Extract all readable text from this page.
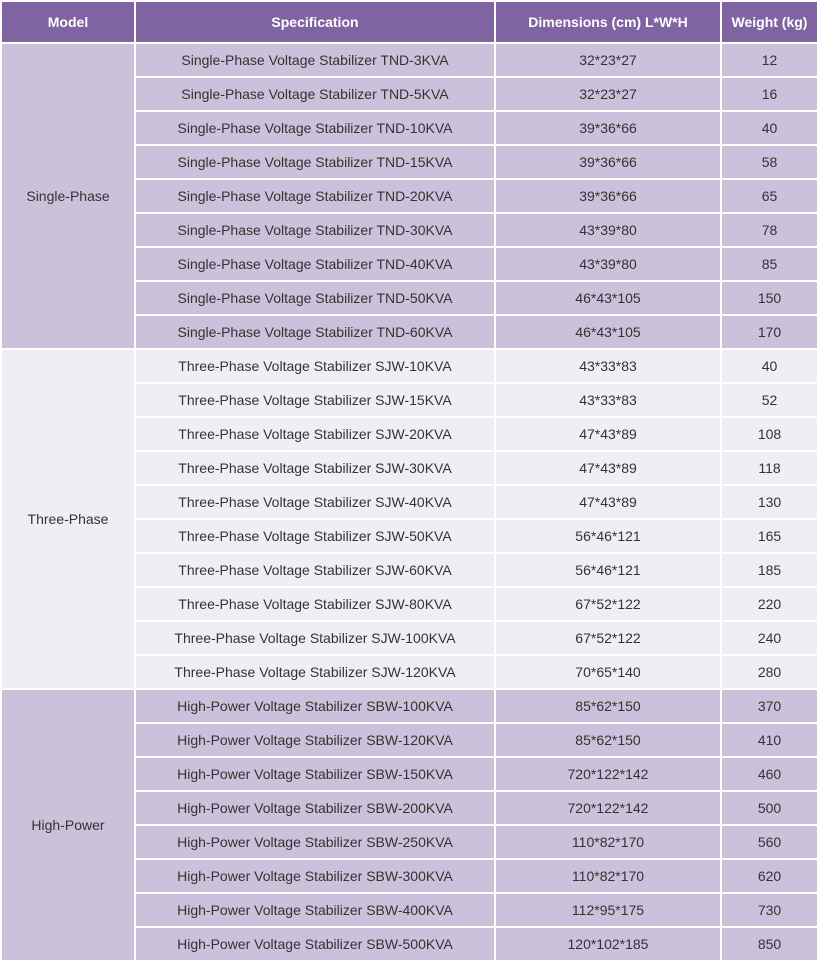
Model	Specification	Dimensions (cm) L*W*H	Weight (kg)
Single-Phase	Single-Phase Voltage Stabilizer TND-3KVA	32*23*27	12
	Single-Phase Voltage Stabilizer TND-5KVA	32*23*27	16
	Single-Phase Voltage Stabilizer TND-10KVA	39*36*66	40
	Single-Phase Voltage Stabilizer TND-15KVA	39*36*66	58
	Single-Phase Voltage Stabilizer TND-20KVA	39*36*66	65
	Single-Phase Voltage Stabilizer TND-30KVA	43*39*80	78
	Single-Phase Voltage Stabilizer TND-40KVA	43*39*80	85
	Single-Phase Voltage Stabilizer TND-50KVA	46*43*105	150
	Single-Phase Voltage Stabilizer TND-60KVA	46*43*105	170
Three-Phase	Three-Phase Voltage Stabilizer SJW-10KVA	43*33*83	40
	Three-Phase Voltage Stabilizer SJW-15KVA	43*33*83	52
	Three-Phase Voltage Stabilizer SJW-20KVA	47*43*89	108
	Three-Phase Voltage Stabilizer SJW-30KVA	47*43*89	118
	Three-Phase Voltage Stabilizer SJW-40KVA	47*43*89	130
	Three-Phase Voltage Stabilizer SJW-50KVA	56*46*121	165
	Three-Phase Voltage Stabilizer SJW-60KVA	56*46*121	185
	Three-Phase Voltage Stabilizer SJW-80KVA	67*52*122	220
	Three-Phase Voltage Stabilizer SJW-100KVA	67*52*122	240
	Three-Phase Voltage Stabilizer SJW-120KVA	70*65*140	280
High-Power	High-Power Voltage Stabilizer SBW-100KVA	85*62*150	370
	High-Power Voltage Stabilizer SBW-120KVA	85*62*150	410
	High-Power Voltage Stabilizer SBW-150KVA	720*122*142	460
	High-Power Voltage Stabilizer SBW-200KVA	720*122*142	500
	High-Power Voltage Stabilizer SBW-250KVA	110*82*170	560
	High-Power Voltage Stabilizer SBW-300KVA	110*82*170	620
	High-Power Voltage Stabilizer SBW-400KVA	112*95*175	730
	High-Power Voltage Stabilizer SBW-500KVA	120*102*185	850
